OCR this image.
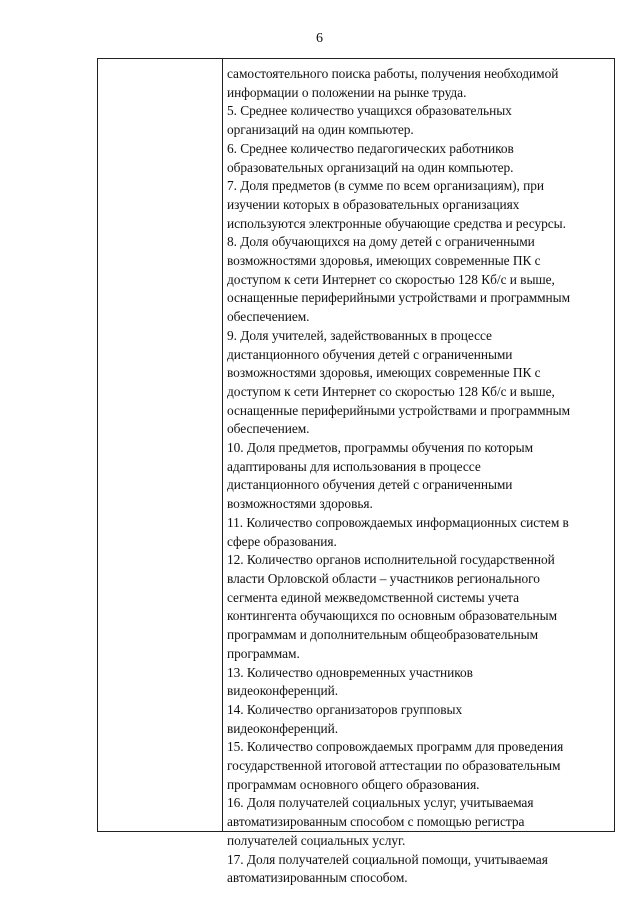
6
самостоятельного поиска работы, получения необходимой
информации о положении на рынке труда.
5. Среднее количество учащихся образовательных
организаций на один компьютер.
6. Среднее количество педагогических работников
образовательных организаций на один компьютер.
7. Доля предметов (в сумме по всем организациям), при
изучении которых в образовательных организациях
используются электронные обучающие средства и ресурсы.
8. Доля обучающихся на дому детей с ограниченными
возможностями здоровья, имеющих современные ПК с
доступом к сети Интернет со скоростью 128 Кб/с и выше,
оснащенные периферийными устройствами и программным
обеспечением.
9. Доля учителей, задействованных в процессе
дистанционного обучения детей с ограниченными
возможностями здоровья, имеющих современные ПК с
доступом к сети Интернет со скоростью 128 Кб/с и выше,
оснащенные периферийными устройствами и программным
обеспечением.
10. Доля предметов, программы обучения по которым
адаптированы для использования в процессе
дистанционного обучения детей с ограниченными
возможностями здоровья.
11. Количество сопровождаемых информационных систем в
сфере образования.
12. Количество органов исполнительной государственной
власти Орловской области – участников регионального
сегмента единой межведомственной системы учета
контингента обучающихся по основным образовательным
программам и дополнительным общеобразовательным
программам.
13. Количество одновременных участников
видеоконференций.
14. Количество организаторов групповых
видеоконференций.
15. Количество сопровождаемых программ для проведения
государственной итоговой аттестации по образовательным
программам основного общего образования.
16. Доля получателей социальных услуг, учитываемая
автоматизированным способом с помощью регистра
получателей социальных услуг.
17. Доля получателей социальной помощи, учитываемая
автоматизированным способом.
